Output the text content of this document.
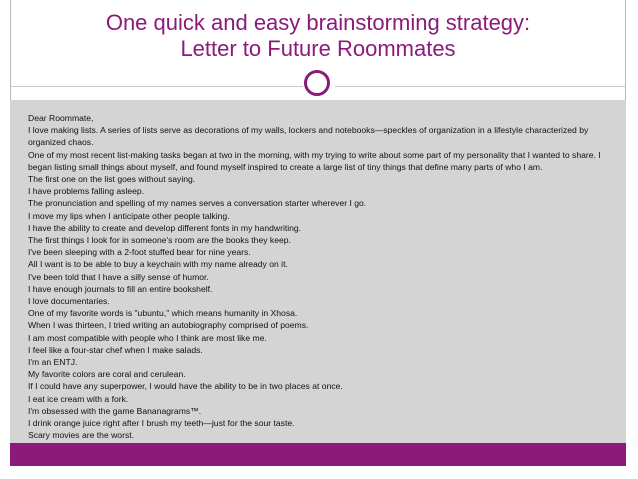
One quick and easy brainstorming strategy:
Letter to Future Roommates

Dear Roommate,

I love making lists. A series of lists serve as decorations of my walls, lockers and notebooks—speckles of organization in a lifestyle characterized by organized chaos.

One of my most recent list-making tasks began at two in the morning, with my trying to write about some part of my personality that I wanted to share. I began listing small things about myself, and found myself inspired to create a large list of tiny things that define many parts of who I am.

The first one on the list goes without saying.

I have problems falling asleep.

The pronunciation and spelling of my names serves a conversation starter wherever I go.

I move my lips when I anticipate other people talking.

I have the ability to create and develop different fonts in my handwriting.

The first things I look for in someone's room are the books they keep.

I've been sleeping with a 2-foot stuffed bear for nine years.

All I want is to be able to buy a keychain with my name already on it.

I've been told that I have a silly sense of humor.

I have enough journals to fill an entire bookshelf.

I love documentaries.

One of my favorite words is "ubuntu," which means humanity in Xhosa.

When I was thirteen, I tried writing an autobiography comprised of poems.

I am most compatible with people who I think are most like me.

I feel like a four-star chef when I make salads.

I'm an ENTJ.

My favorite colors are coral and cerulean.

If I could have any superpower, I would have the ability to be in two places at once.

I eat ice cream with a fork.

I'm obsessed with the game Bananagrams™.

I drink orange juice right after I brush my teeth—just for the sour taste.

Scary movies are the worst.
